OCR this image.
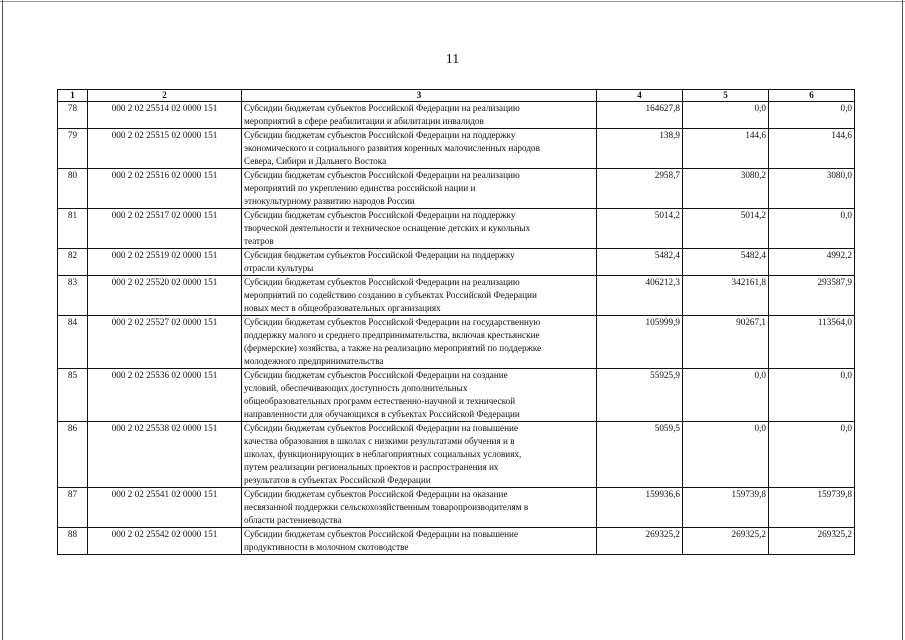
11
1	2	3	4	5	6
78	000 2 02 25514 02 0000 151	Субсидии бюджетам субъектов Российской Федерации на реализацию
мероприятий в сфере реабилитации и абилитации инвалидов	164627,8	0,0	0,0
79	000 2 02 25515 02 0000 151	Субсидии бюджетам субъектов Российской Федерации на поддержку
экономического и социального развития коренных малочисленных народов
Севера, Сибири и Дальнего Востока	138,9	144,6	144,6
80	000 2 02 25516 02 0000 151	Субсидии бюджетам субъектов Российской Федерации на реализацию
мероприятий по укреплению единства российской нации и
этнокультурному развитию народов России	2958,7	3080,2	3080,0
81	000 2 02 25517 02 0000 151	Субсидии бюджетам субъектов Российской Федерации на поддержку
творческой деятельности и техническое оснащение детских и кукольных
театров	5014,2	5014,2	0,0
82	000 2 02 25519 02 0000 151	Субсидия бюджетам субъектов Российской Федерации на поддержку
отрасли культуры	5482,4	5482,4	4992,2
83	000 2 02 25520 02 0000 151	Субсидии бюджетам субъектов Российской Федерации на реализацию
мероприятий по содействию созданию в субъектах Российской Федерации
новых мест в общеобразовательных организациях	406212,3	342161,8	293587,9
84	000 2 02 25527 02 0000 151	Субсидии бюджетам субъектов Российской Федерации на государственную
поддержку малого и среднего предпринимательства, включая крестьянские
(фермерские) хозяйства, а также на реализацию мероприятий по поддержке
молодежного предпринимательства	105999,9	90267,1	113564,0
85	000 2 02 25536 02 0000 151	Субсидии бюджетам субъектов Российской Федерации на создание
условий, обеспечивающих доступность дополнительных
общеобразовательных программ естественно-научной и технической
направленности для обучающихся в субъектах Российской Федерации	55925,9	0,0	0,0
86	000 2 02 25538 02 0000 151	Субсидии бюджетам субъектов Российской Федерации на повышение
качества образования в школах с низкими результатами обучения и в
школах, функционирующих в неблагоприятных социальных условиях,
путем реализации региональных проектов и распространения их
результатов в субъектах Российской Федерации	5059,5	0,0	0,0
87	000 2 02 25541 02 0000 151	Субсидии бюджетам субъектов Российской Федерации на оказание
несвязанной поддержки сельскохозяйственным товаропроизводителям в
области растениеводства	159936,6	159739,8	159739,8
88	000 2 02 25542 02 0000 151	Субсидии бюджетам субъектов Российской Федерации на повышение
продуктивности в молочном скотоводстве	269325,2	269325,2	269325,2
